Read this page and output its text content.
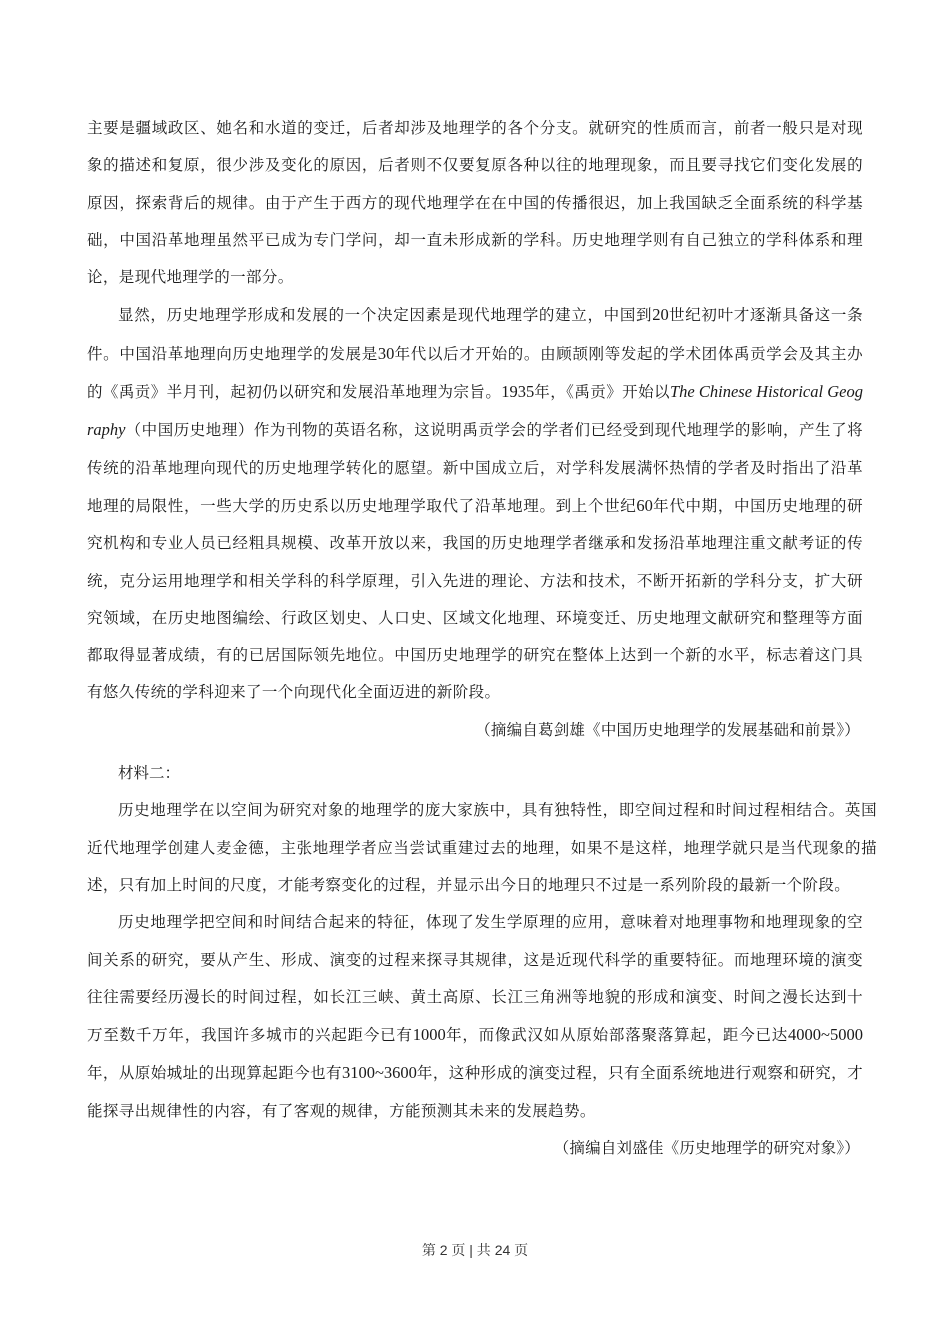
主要是疆域政区、她名和水道的变迁，后者却涉及地理学的各个分支。就研究的性质而言，前者一般只是对现象的描述和复原，很少涉及变化的原因，后者则不仅要复原各种以往的地理现象，而且要寻找它们变化发展的原因，探索背后的规律。由于产生于西方的现代地理学在在中国的传播很迟，加上我国缺乏全面系统的科学基础，中国沿革地理虽然平已成为专门学问，却一直未形成新的学科。历史地理学则有自己独立的学科体系和理论，是现代地理学的一部分。

显然，历史地理学形成和发展的一个决定因素是现代地理学的建立，中国到20世纪初叶才逐渐具备这一条件。中国沿革地理向历史地理学的发展是30年代以后才开始的。由顾颉刚等发起的学术团体禹贡学会及其主办的《禹贡》半月刊，起初仍以研究和发展沿革地理为宗旨。1935年，《禹贡》开始以The Chinese Historical Geography（中国历史地理）作为刊物的英语名称，这说明禹贡学会的学者们已经受到现代地理学的影响，产生了将传统的沿革地理向现代的历史地理学转化的愿望。新中国成立后，对学科发展满怀热情的学者及时指出了沿革地理的局限性，一些大学的历史系以历史地理学取代了沿革地理。到上个世纪60年代中期，中国历史地理的研究机构和专业人员已经粗具规模、改革开放以来，我国的历史地理学者继承和发扬沿革地理注重文献考证的传统，克分运用地理学和相关学科的科学原理，引入先进的理论、方法和技术，不断开拓新的学科分支，扩大研究领域，在历史地图编绘、行政区划史、人口史、区域文化地理、环境变迁、历史地理文献研究和整理等方面都取得显著成绩，有的已居国际领先地位。中国历史地理学的研究在整体上达到一个新的水平，标志着这门具有悠久传统的学科迎来了一个向现代化全面迈进的新阶段。

（摘编自葛剑雄《中国历史地理学的发展基础和前景》）

材料二：

历史地理学在以空间为研究对象的地理学的庞大家族中，具有独特性，即空间过程和时间过程相结合。英国近代地理学创建人麦金德，主张地理学者应当尝试重建过去的地理，如果不是这样，地理学就只是当代现象的描述，只有加上时间的尺度，才能考察变化的过程，并显示出今日的地理只不过是一系列阶段的最新一个阶段。

历史地理学把空间和时间结合起来的特征，体现了发生学原理的应用，意味着对地理事物和地理现象的空间关系的研究，要从产生、形成、演变的过程来探寻其规律，这是近现代科学的重要特征。而地理环境的演变往往需要经历漫长的时间过程，如长江三峡、黄土高原、长江三角洲等地貌的形成和演变、时间之漫长达到十万至数千万年，我国许多城市的兴起距今已有1000年，而像武汉如从原始部落聚落算起，距今已达4000~5000年，从原始城址的出现算起距今也有3100~3600年，这种形成的演变过程，只有全面系统地进行观察和研究，才能探寻出规律性的内容，有了客观的规律，方能预测其未来的发展趋势。

（摘编自刘盛佳《历史地理学的研究对象》）

第 2 页 | 共 24 页
